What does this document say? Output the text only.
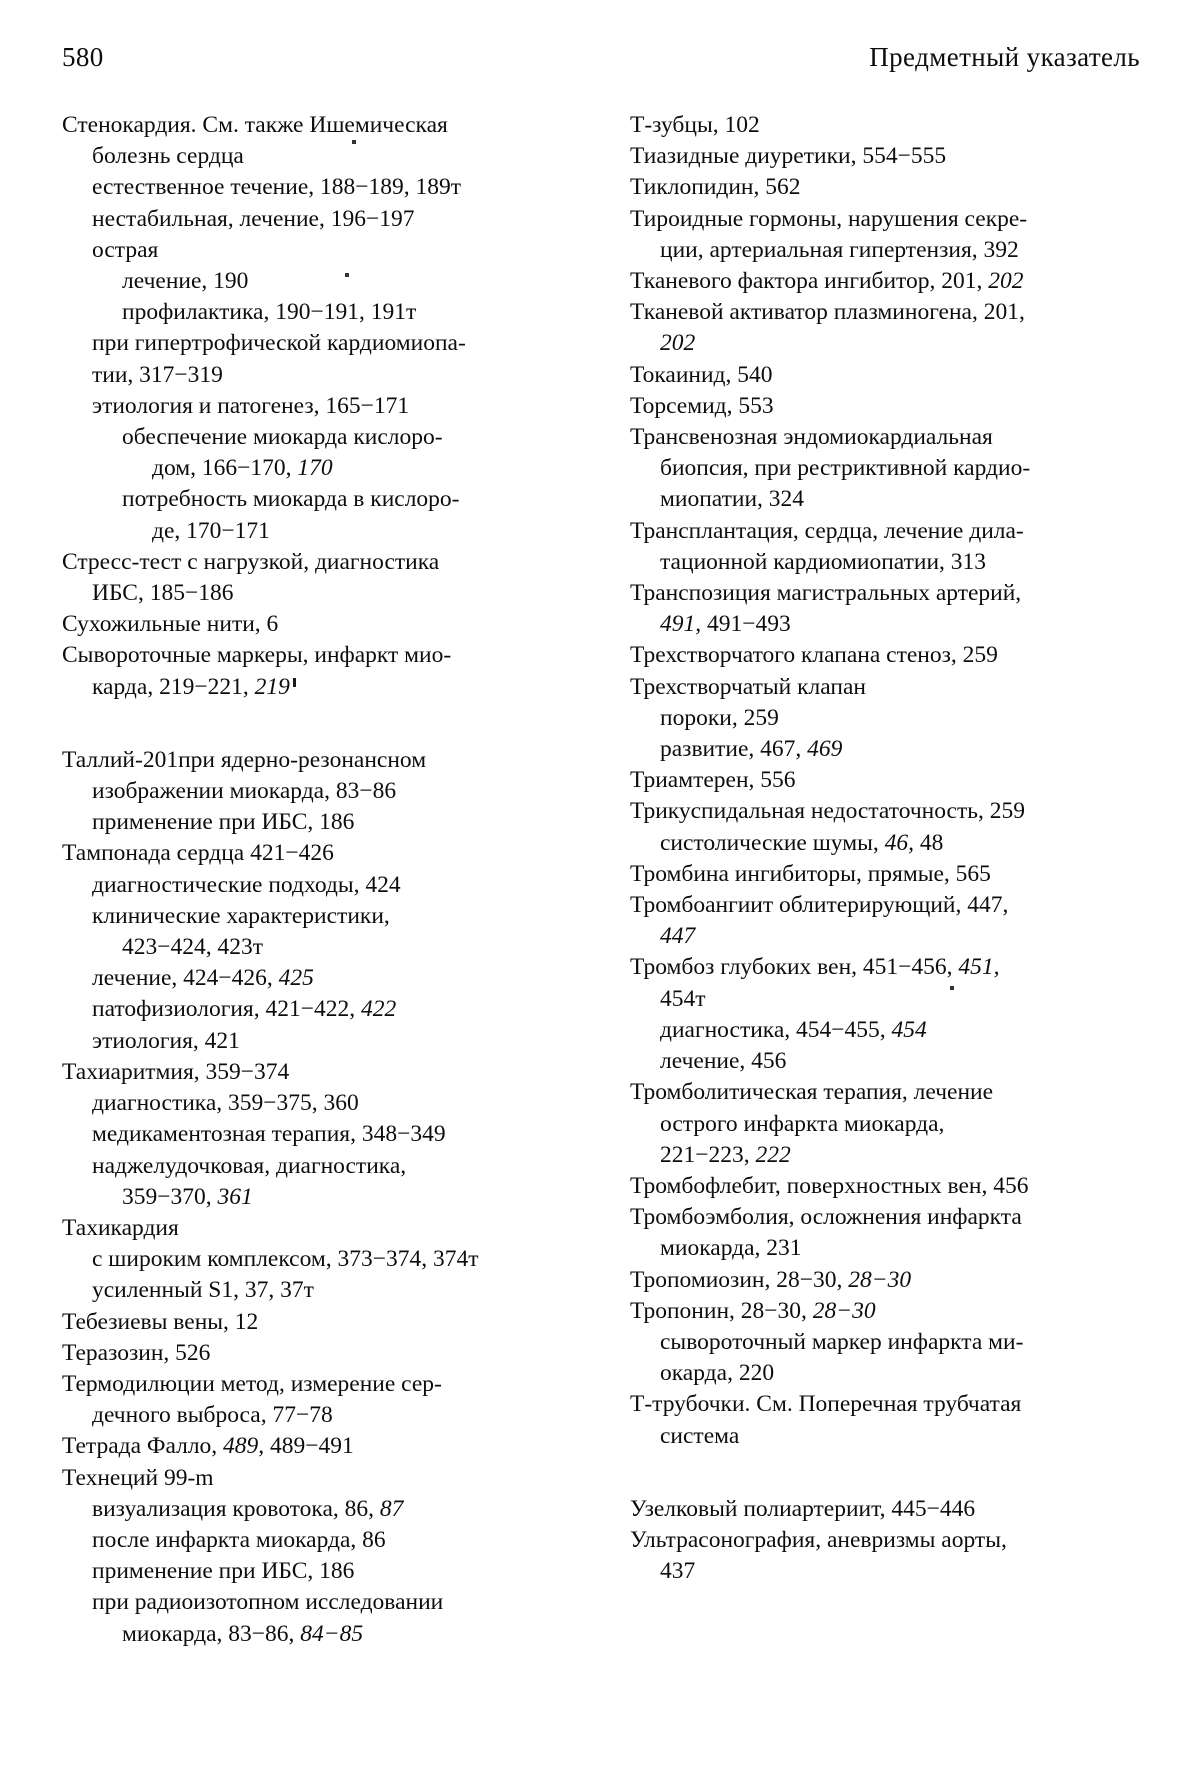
580	Предметный указатель
Стенокардия. См. также Ишемическая
болезнь сердца
естественное течение, 188−189, 189т
нестабильная, лечение, 196−197
острая
лечение, 190
профилактика, 190−191, 191т
при гипертрофической кардиомиопа-
тии, 317−319
этиология и патогенез, 165−171
обеспечение миокарда кислоро-
дом, 166−170, 170
потребность миокарда в кислоро-
де, 170−171
Стресс-тест с нагрузкой, диагностика
ИБС, 185−186
Сухожильные нити, 6
Сывороточные маркеры, инфаркт мио-
карда, 219−221, 219
Таллий-201при ядерно-резонансном
изображении миокарда, 83−86
применение при ИБС, 186
Тампонада сердца 421−426
диагностические подходы, 424
клинические характеристики,
423−424, 423т
лечение, 424−426, 425
патофизиология, 421−422, 422
этиология, 421
Тахиаритмия, 359−374
диагностика, 359−375, 360
медикаментозная терапия, 348−349
наджелудочковая, диагностика,
359−370, 361
Тахикардия
с широким комплексом, 373−374, 374т
усиленный S1, 37, 37т
Тебезиевы вены, 12
Теразозин, 526
Термодилюции метод, измерение сер-
дечного выброса, 77−78
Тетрада Фалло, 489, 489−491
Технеций 99-m
визуализация кровотока, 86, 87
после инфаркта миокарда, 86
применение при ИБС, 186
при радиоизотопном исследовании
миокарда, 83−86, 84−85
Т-зубцы, 102
Тиазидные диуретики, 554−555
Тиклопидин, 562
Тироидные гормоны, нарушения секре-
ции, артериальная гипертензия, 392
Тканевого фактора ингибитор, 201, 202
Тканевой активатор плазминогена, 201,
202
Токаинид, 540
Торсемид, 553
Трансвенозная эндомиокардиальная
биопсия, при рестриктивной кардио-
миопатии, 324
Трансплантация, сердца, лечение дила-
тационной кардиомиопатии, 313
Транспозиция магистральных артерий,
491, 491−493
Трехстворчатого клапана стеноз, 259
Трехстворчатый клапан
пороки, 259
развитие, 467, 469
Триамтерен, 556
Трикуспидальная недостаточность, 259
систолические шумы, 46, 48
Тромбина ингибиторы, прямые, 565
Тромбоангиит облитерирующий, 447,
447
Тромбоз глубоких вен, 451−456, 451,
454т
диагностика, 454−455, 454
лечение, 456
Тромболитическая терапия, лечение
острого инфаркта миокарда,
221−223, 222
Тромбофлебит, поверхностных вен, 456
Тромбоэмболия, осложнения инфаркта
миокарда, 231
Тропомиозин, 28−30, 28−30
Тропонин, 28−30, 28−30
сывороточный маркер инфаркта ми-
окарда, 220
Т-трубочки. См. Поперечная трубчатая
система
Узелковый полиартериит, 445−446
Ультрасонография, аневризмы аорты,
437
